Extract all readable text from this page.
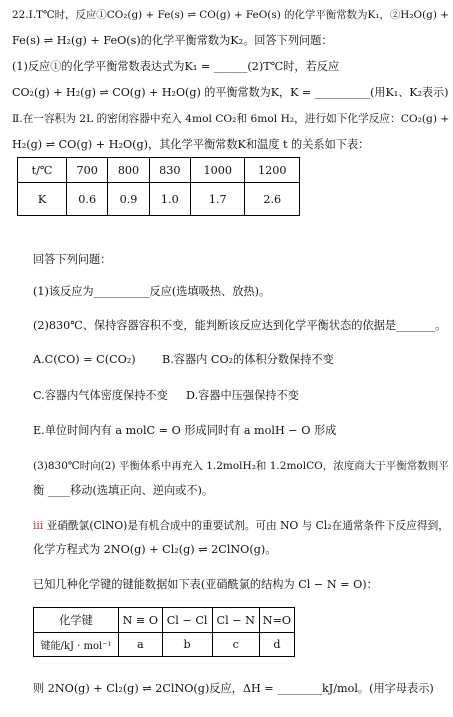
22.Ⅰ.T℃时，反应①CO₂(g) + Fe(s) ⇌ CO(g) + FeO(s) 的化学平衡常数为K₁，②H₂O(g) +
Fe(s) ⇌ H₂(g) + FeO(s)的化学平衡常数为K₂。回答下列问题：
(1)反应①的化学平衡常数表达式为K₁ = ______(2)T℃时，若反应
CO₂(g) + H₂(g) ⇌ CO(g) + H₂O(g) 的平衡常数为K，K = __________(用K₁、K₂表示)
Ⅱ.在一容积为 2L 的密闭容器中充入 4mol CO₂和 6mol H₂，进行如下化学反应：CO₂(g) +
H₂(g) ⇌ CO(g) + H₂O(g)，其化学平衡常数K和温度 t 的关系如下表：
t/℃	700	800	830	1000	1200
K	0.6	0.9	1.0	1.7	2.6
回答下列问题：
(1)该反应为__________反应(选填吸热、放热)。
(2)830℃、保持容器容积不变，能判断该反应达到化学平衡状态的依据是_______。
A.C(CO) = C(CO₂) B.容器内 CO₂的体积分数保持不变
C.容器内气体密度保持不变 D.容器中压强保持不变
E.单位时间内有 a molC = O 形成同时有 a molH − O 形成
(3)830℃时向(2) 平衡体系中再充入 1.2molH₂和 1.2molCO，浓度商大于平衡常数则平
衡 ____移动(选填正向、逆向或不)。
iii 亚硝酰氯(ClNO)是有机合成中的重要试剂。可由 NO 与 Cl₂在通常条件下反应得到，
化学方程式为 2NO(g) + Cl₂(g) ⇌ 2ClNO(g)。
已知几种化学键的键能数据如下表(亚硝酰氯的结构为 Cl − N = O)：
化学键	N ≡ O	Cl − Cl	Cl − N	N=O
键能/kJ · mol⁻¹	a	b	c	d
则 2NO(g) + Cl₂(g) ⇌ 2ClNO(g)反应，ΔH = ________kJ/mol。(用字母表示)
